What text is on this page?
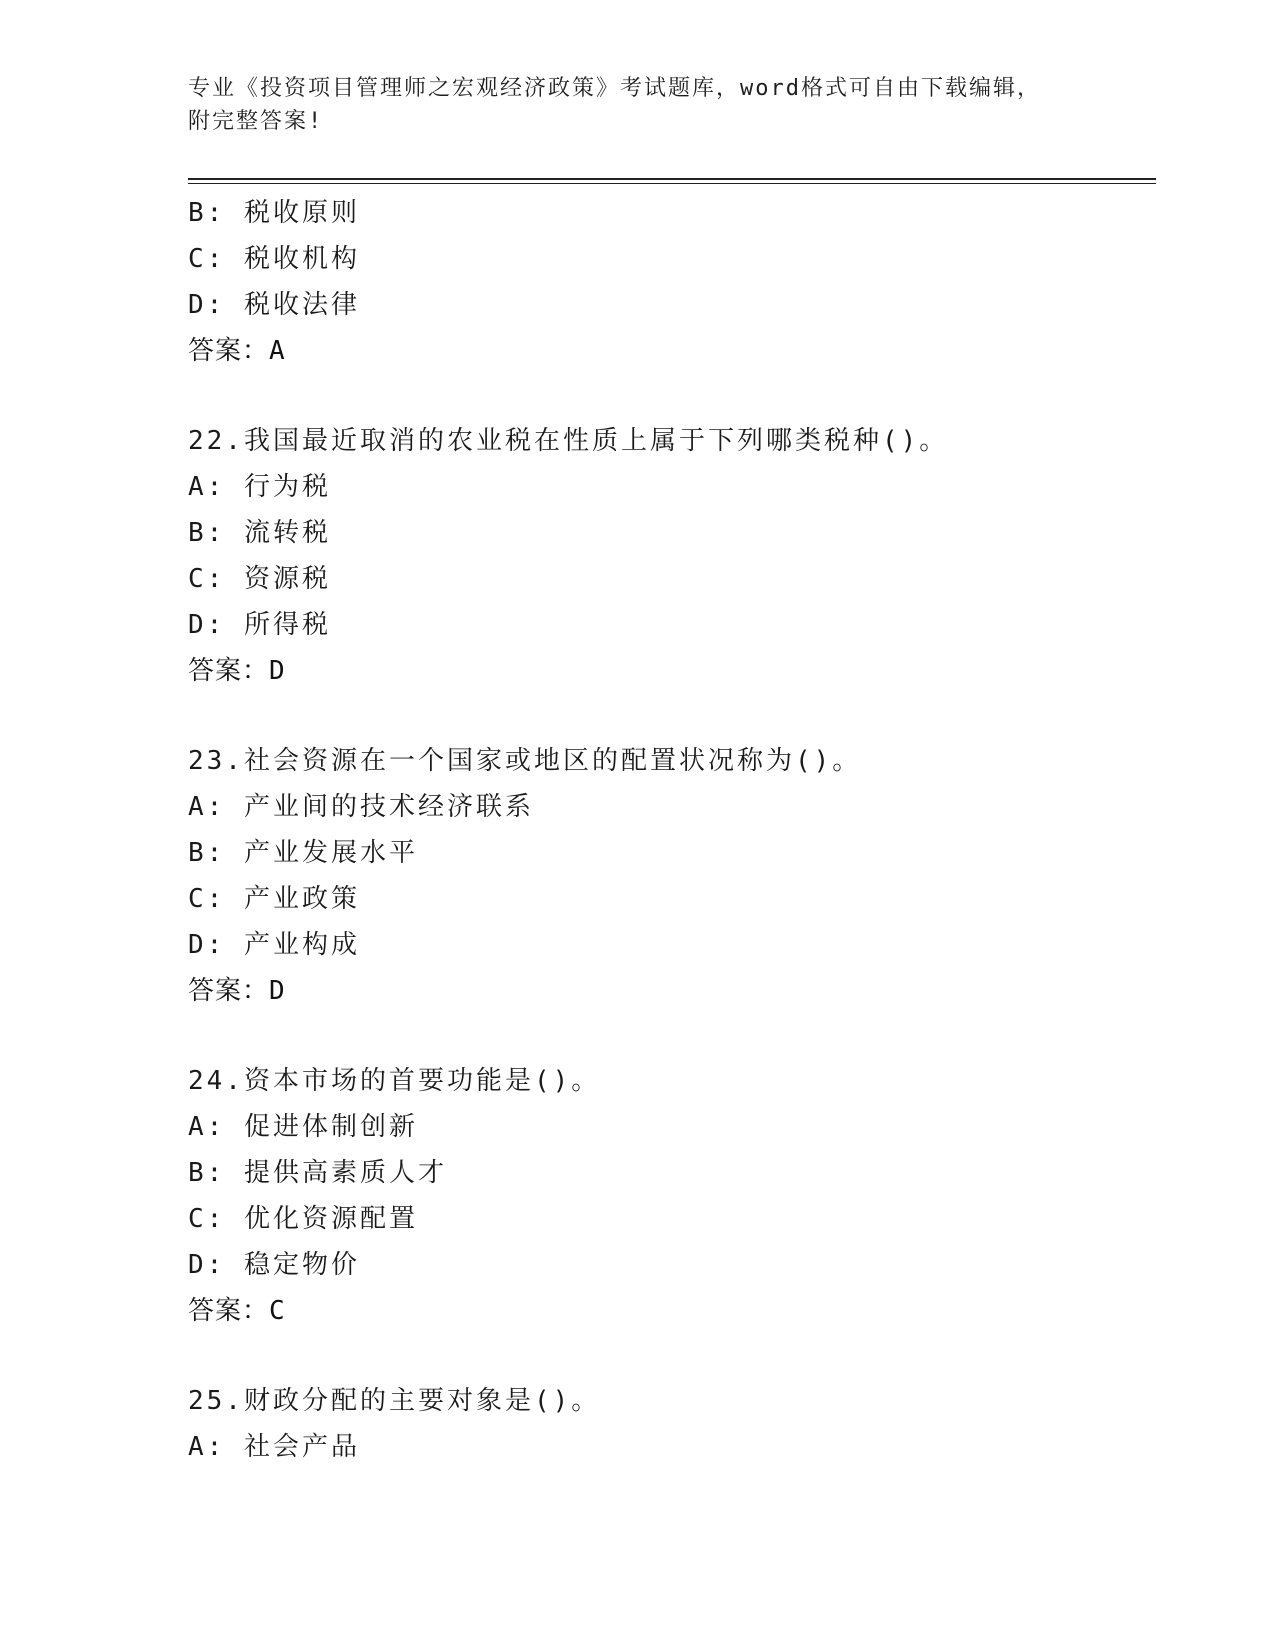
专业《投资项目管理师之宏观经济政策》考试题库，word格式可自由下载编辑，
附完整答案!
B: 税收原则
C: 税收机构
D: 税收法律
答案：A
22.我国最近取消的农业税在性质上属于下列哪类税种()。
A: 行为税
B: 流转税
C: 资源税
D: 所得税
答案：D
23.社会资源在一个国家或地区的配置状况称为()。
A: 产业间的技术经济联系
B: 产业发展水平
C: 产业政策
D: 产业构成
答案：D
24.资本市场的首要功能是()。
A: 促进体制创新
B: 提供高素质人才
C: 优化资源配置
D: 稳定物价
答案：C
25.财政分配的主要对象是()。
A: 社会产品
